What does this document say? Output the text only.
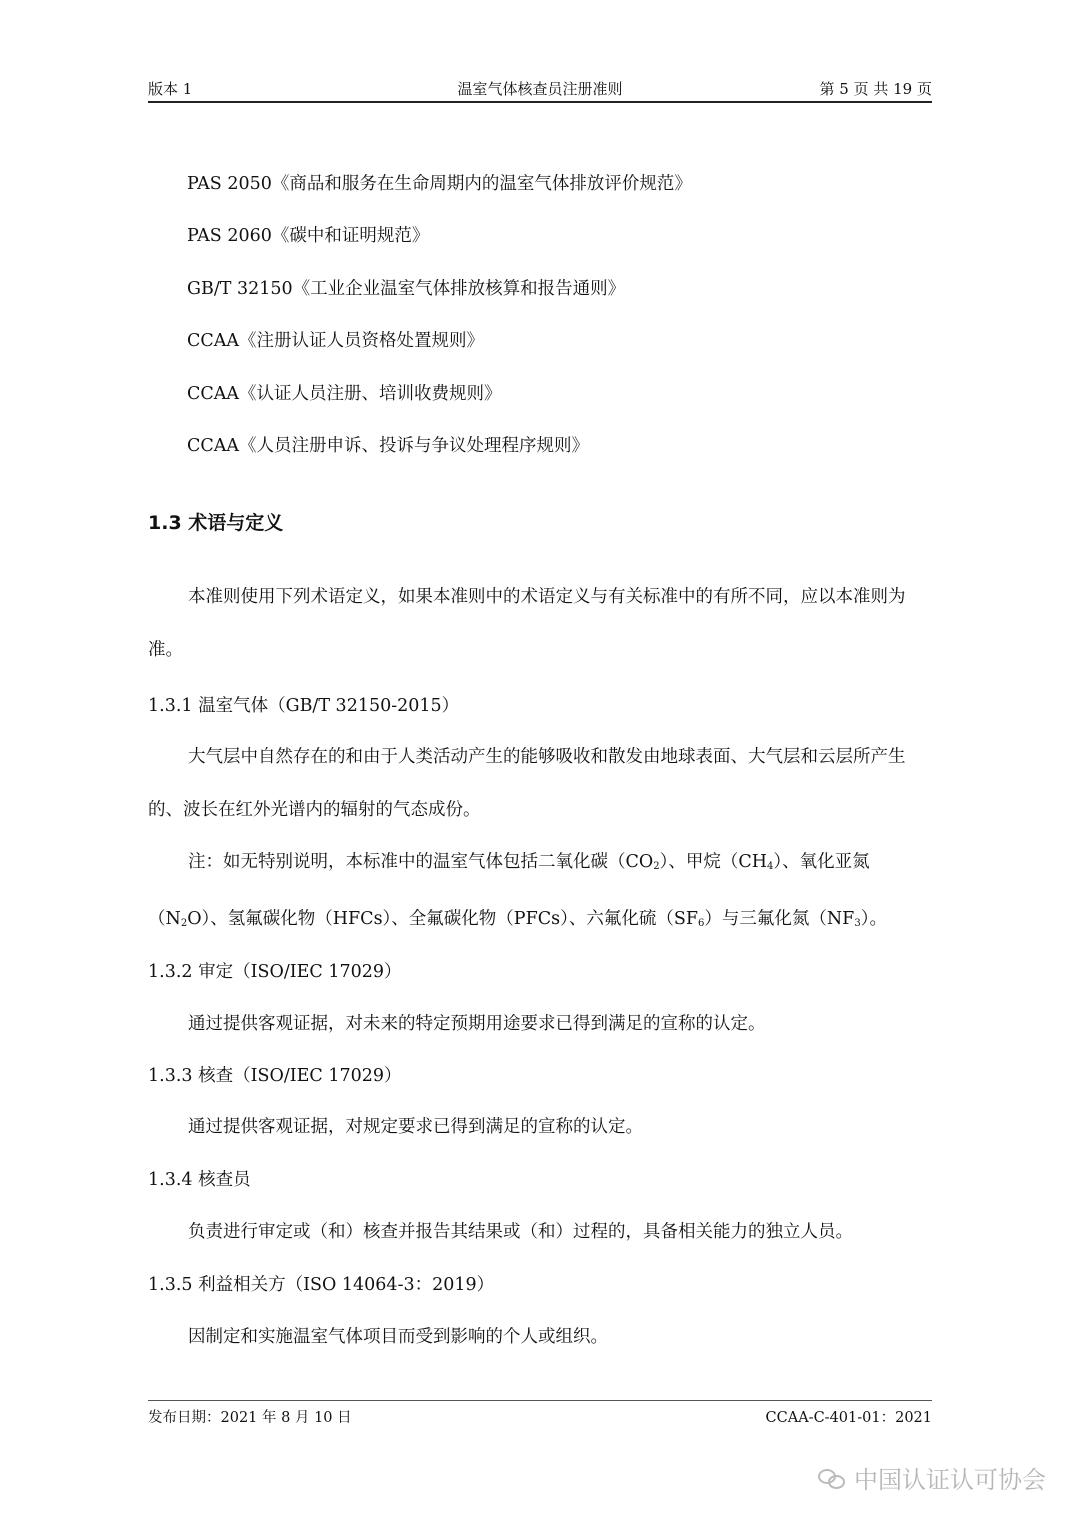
版本 1	温室气体核查员注册准则	第 5 页 共 19 页
PAS 2050《商品和服务在生命周期内的温室气体排放评价规范》
PAS 2060《碳中和证明规范》
GB/T 32150《工业企业温室气体排放核算和报告通则》
CCAA《注册认证人员资格处置规则》
CCAA《认证人员注册、培训收费规则》
CCAA《人员注册申诉、投诉与争议处理程序规则》
1.3 术语与定义
本准则使用下列术语定义，如果本准则中的术语定义与有关标准中的有所不同，应以本准则为准。
1.3.1 温室气体（GB/T 32150-2015）
大气层中自然存在的和由于人类活动产生的能够吸收和散发由地球表面、大气层和云层所产生的、波长在红外光谱内的辐射的气态成份。
注：如无特别说明，本标准中的温室气体包括二氧化碳$(CO_2)$、甲烷$(CH_4)$、氧化亚氮$(N_2O)$、氢氟碳化物（HFCs）、全氟碳化物（PFCs）、六氟化硫$(SF_6)$与三氟化氮$(NF_3)$。
1.3.2 审定（ISO/IEC 17029）
通过提供客观证据，对未来的特定预期用途要求已得到满足的宣称的认定。
1.3.3 核查（ISO/IEC 17029）
通过提供客观证据，对规定要求已得到满足的宣称的认定。
1.3.4 核查员
负责进行审定或（和）核查并报告其结果或（和）过程的，具备相关能力的独立人员。
1.3.5 利益相关方（ISO 14064-3：2019）
因制定和实施温室气体项目而受到影响的个人或组织。
发布日期：2021 年 8 月 10 日	CCAA-C-401-01：2021
中国认证认可协会
